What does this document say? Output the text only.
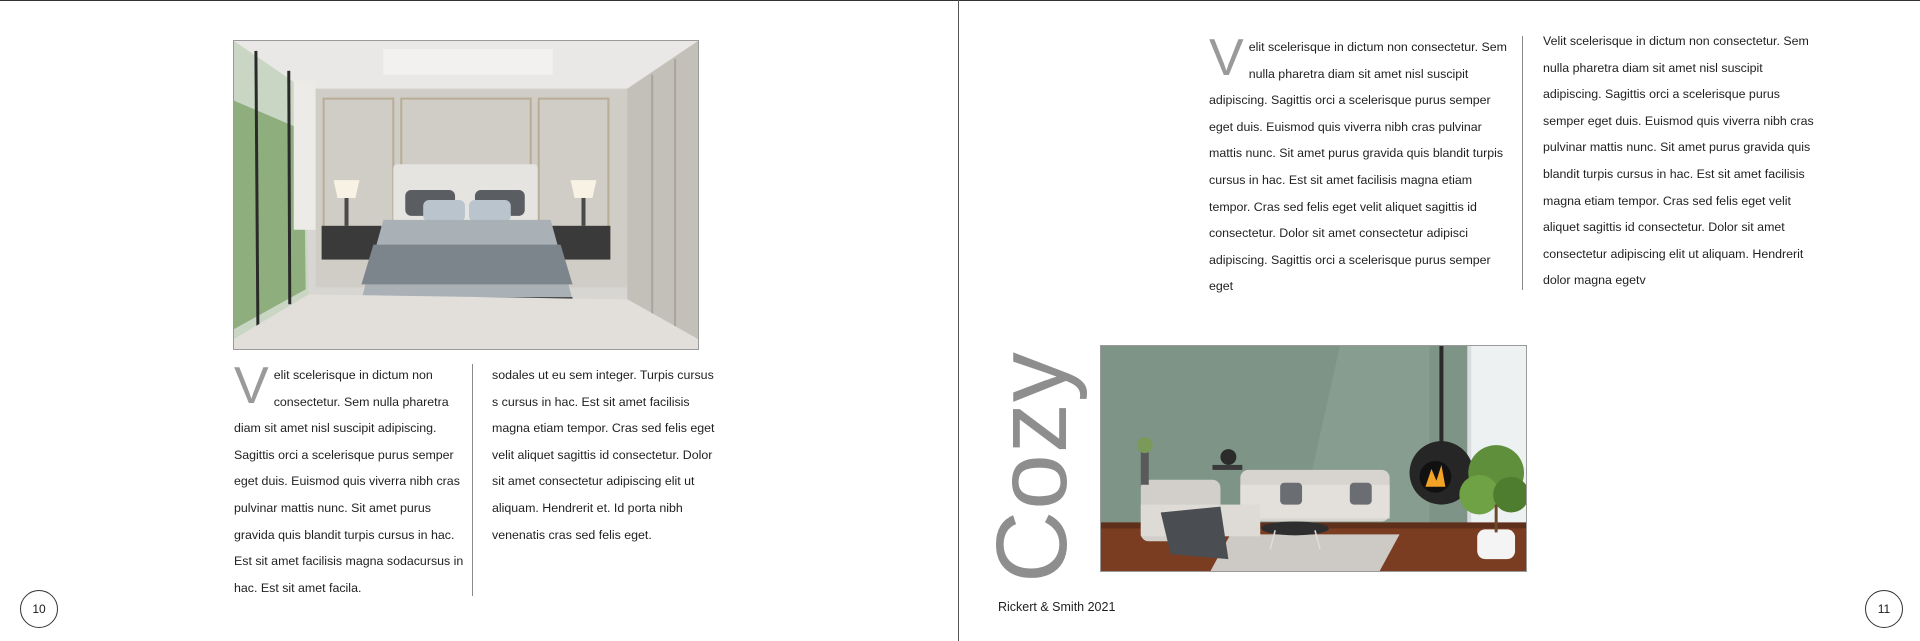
V elit scelerisque in dictum non consectetur. Sem nulla pharetra diam sit amet nisl suscipit adipiscing. Sagittis orci a scelerisque purus semper eget duis. Euismod quis viverra nibh cras pulvinar mattis nunc. Sit amet purus gravida quis blandit turpis cursus in hac. Est sit amet facilisis magna sodacursus in hac. Est sit amet facila.
sodales ut eu sem integer. Turpis cursus s cursus in hac. Est sit amet facilisis magna etiam tempor. Cras sed felis eget velit aliquet sagittis id consectetur. Dolor sit amet consectetur adipiscing elit ut aliquam. Hendrerit et. Id porta nibh venenatis cras sed felis eget.
10
V elit scelerisque in dictum non consectetur. Sem nulla pharetra diam sit amet nisl suscipit adipiscing. Sagittis orci a scelerisque purus semper eget duis. Euismod quis viverra nibh cras pulvinar mattis nunc. Sit amet purus gravida quis blandit turpis cursus in hac. Est sit amet facilisis magna etiam tempor. Cras sed felis eget velit aliquet sagittis id consectetur. Dolor sit amet consectetur adipisci adipiscing. Sagittis orci a scelerisque purus semper eget
Velit scelerisque in dictum non consectetur. Sem nulla pharetra diam sit amet nisl suscipit adipiscing. Sagittis orci a scelerisque purus semper eget duis. Euismod quis viverra nibh cras pulvinar mattis nunc. Sit amet purus gravida quis blandit turpis cursus in hac. Est sit amet facilisis magna etiam tempor. Cras sed felis eget velit aliquet sagittis id consectetur. Dolor sit amet consectetur adipiscing elit ut aliquam. Hendrerit dolor magna egetv
Cozy
Rickert & Smith 2021	11
